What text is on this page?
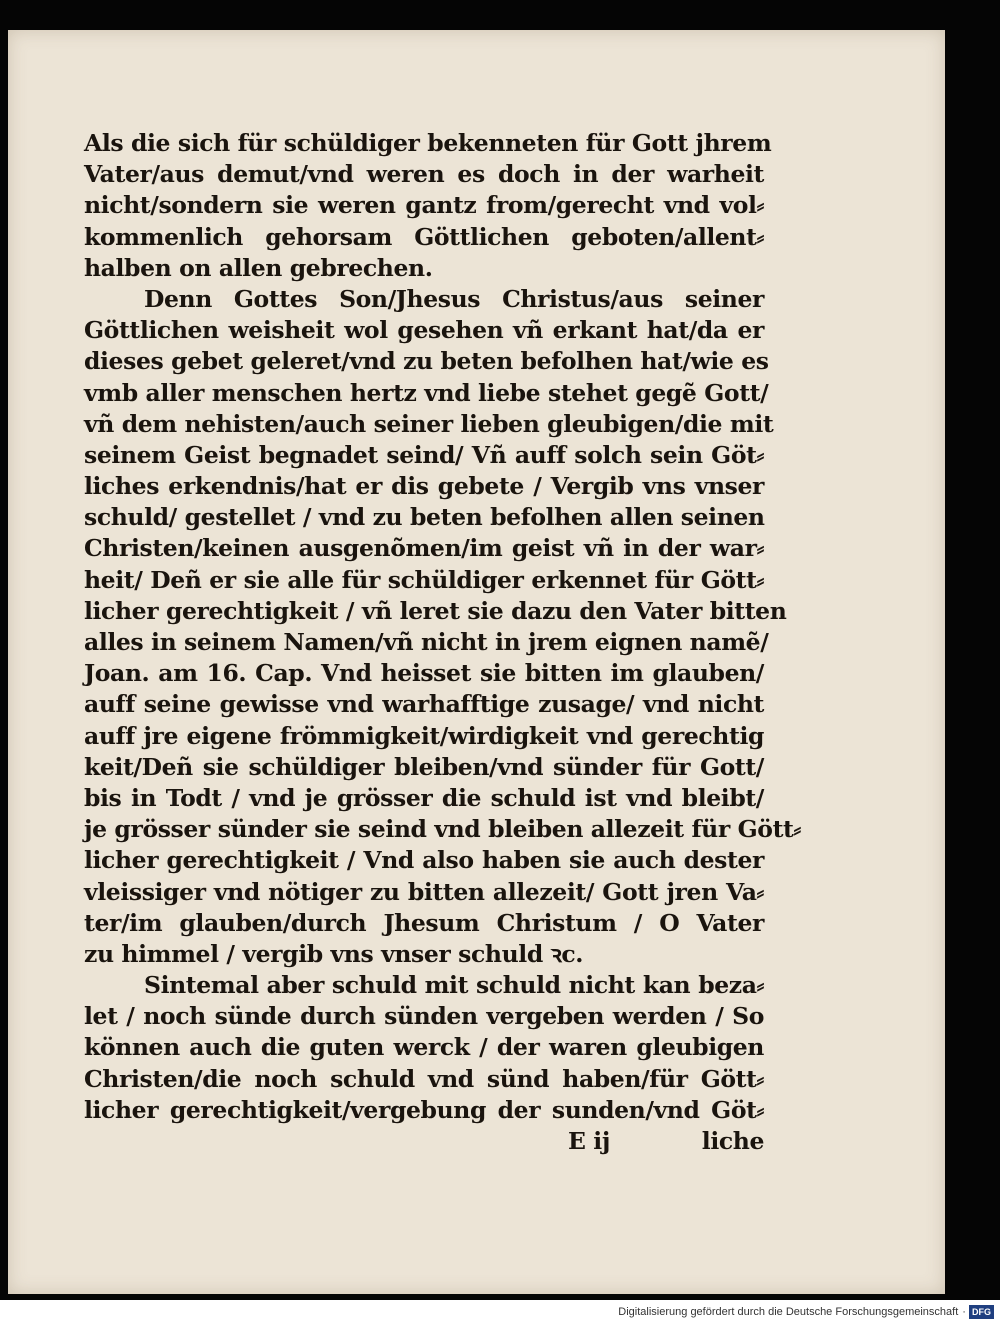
Als die sich für schüldiger bekenneten für Gott jhrem
Vater/aus demut/vnd weren es doch in der warheit
nicht/sondern sie weren gantz from/gerecht vnd vol⸗
kommenlich gehorsam Göttlichen geboten/allent⸗
halben on allen gebrechen.
Denn Gottes Son/Jhesus Christus/aus seiner
Göttlichen weisheit wol gesehen vñ erkant hat/da er
dieses gebet geleret/vnd zu beten befolhen hat/wie es
vmb aller menschen hertz vnd liebe stehet gegẽ Gott/
vñ dem nehisten/auch seiner lieben gleubigen/die mit
seinem Geist begnadet seind/ Vñ auff solch sein Göt⸗
liches erkendnis/hat er dis gebete / Vergib vns vnser
schuld/ gestellet / vnd zu beten befolhen allen seinen
Christen/keinen ausgenõmen/im geist vñ in der war⸗
heit/ Deñ er sie alle für schüldiger erkennet für Gött⸗
licher gerechtigkeit / vñ leret sie dazu den Vater bitten
alles in seinem Namen/vñ nicht in jrem eignen namẽ/
Joan. am 16. Cap. Vnd heisset sie bitten im glauben/
auff seine gewisse vnd warhafftige zusage/ vnd nicht
auff jre eigene frömmigkeit/wirdigkeit vnd gerechtig
keit/Deñ sie schüldiger bleiben/vnd sünder für Gott/
bis in Todt / vnd je grösser die schuld ist vnd bleibt/
je grösser sünder sie seind vnd bleiben allezeit für Gött⸗
licher gerechtigkeit / Vnd also haben sie auch dester
vleissiger vnd nötiger zu bitten allezeit/ Gott jren Va⸗
ter/im glauben/durch Jhesum Christum / O Vater
zu himmel / vergib vns vnser schuld ꝛc.
Sintemal aber schuld mit schuld nicht kan beza⸗
let / noch sünde durch sünden vergeben werden / So
können auch die guten werck / der waren gleubigen
Christen/die noch schuld vnd sünd haben/für Gött⸗
licher gerechtigkeit/vergebung der sunden/vnd Göt⸗
E ij	liche
Digitalisierung gefördert durch die Deutsche Forschungsgemeinschaft · DFG
